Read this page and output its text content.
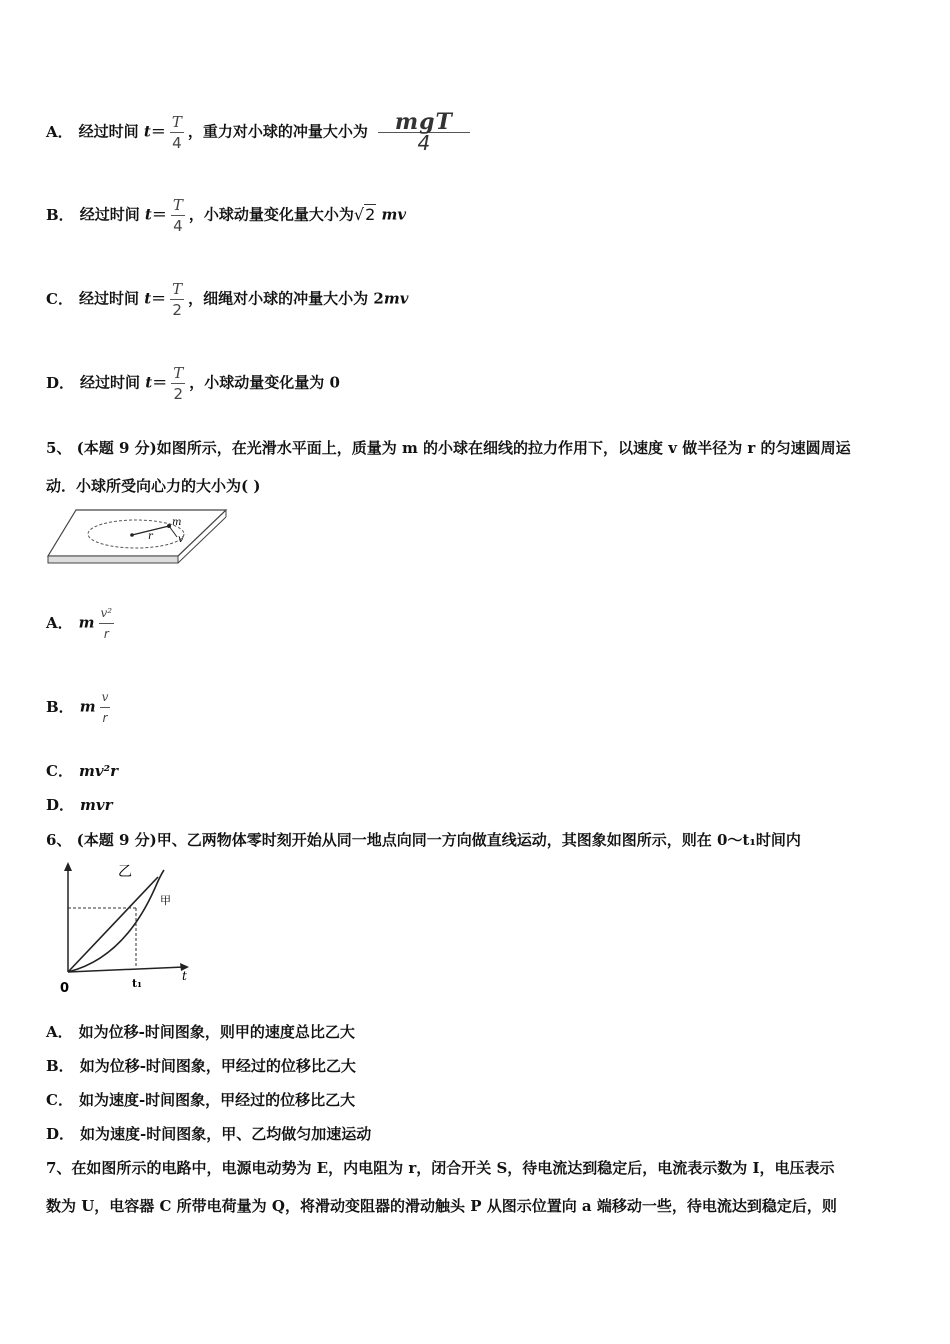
A． 经过时间 $t= \frac{T}{4}$ ，重力对小球的冲量大小为 $\frac{\text{mgT}}{4}$
B． 经过时间 $t= \frac{T}{4}$ ，小球动量变化量大小为√2 mv
C． 经过时间 $t= \frac{T}{2}$ ，细绳对小球的冲量大小为 2mv
D． 经过时间 $t= \frac{T}{2}$ ，小球动量变化量为 0
5、 (本题 9 分)如图所示，在光滑水平面上，质量为 m 的小球在细线的拉力作用下，以速度 v 做半径为 r 的匀速圆周运
动．小球所受向心力的大小为( )
m
r	v
A． m $\frac{\text{v²}}{r}$
B． m $\frac{v}{r}$
C． mv²r
D． mvr
6、 (本题 9 分)甲、乙两物体零时刻开始从同一地点向同一方向做直线运动，其图象如图所示，则在 0～t₁时间内
乙
甲
0	t₁
t
A． 如为位移-时间图象，则甲的速度总比乙大
B． 如为位移-时间图象，甲经过的位移比乙大
C． 如为速度-时间图象，甲经过的位移比乙大
D． 如为速度-时间图象，甲、乙均做匀加速运动
7、在如图所示的电路中，电源电动势为 E，内电阻为 r，闭合开关 S，待电流达到稳定后，电流表示数为 I，电压表示
数为 U，电容器 C 所带电荷量为 Q，将滑动变阻器的滑动触头 P 从图示位置向 a 端移动一些，待电流达到稳定后，则
